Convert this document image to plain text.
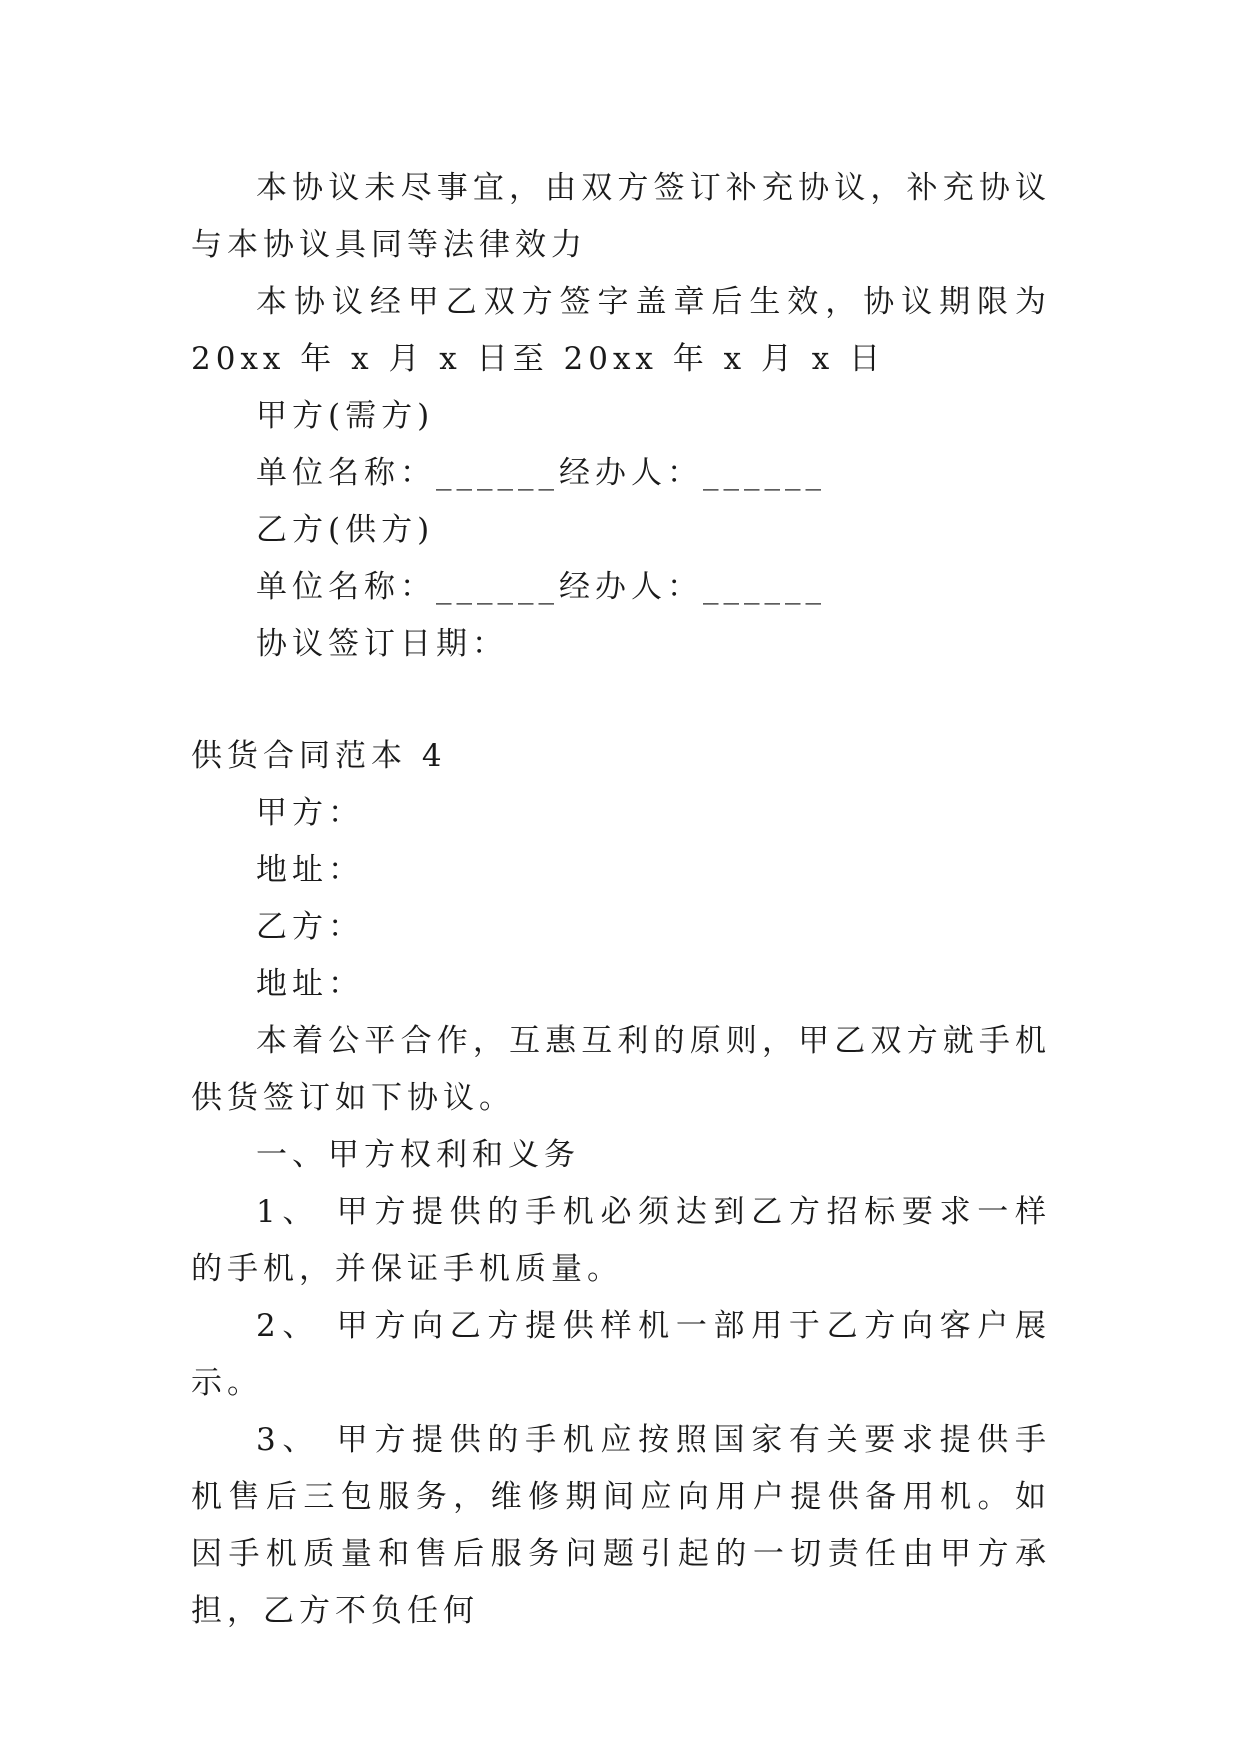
本协议未尽事宜，由双方签订补充协议，补充协议与本协议具同等法律效力

本协议经甲乙双方签字盖章后生效，协议期限为 20xx 年 x 月 x 日至 20xx 年 x 月 x 日

甲方(需方)

单位名称：______经办人：______

乙方(供方)

单位名称：______经办人：______

协议签订日期：

供货合同范本 4

甲方：

地址：

乙方：

地址：

本着公平合作，互惠互利的原则，甲乙双方就手机供货签订如下协议。

一、甲方权利和义务

1、 甲方提供的手机必须达到乙方招标要求一样的手机，并保证手机质量。

2、 甲方向乙方提供样机一部用于乙方向客户展示。

3、 甲方提供的手机应按照国家有关要求提供手机售后三包服务，维修期间应向用户提供备用机。如因手机质量和售后服务问题引起的一切责任由甲方承担，乙方不负任何
